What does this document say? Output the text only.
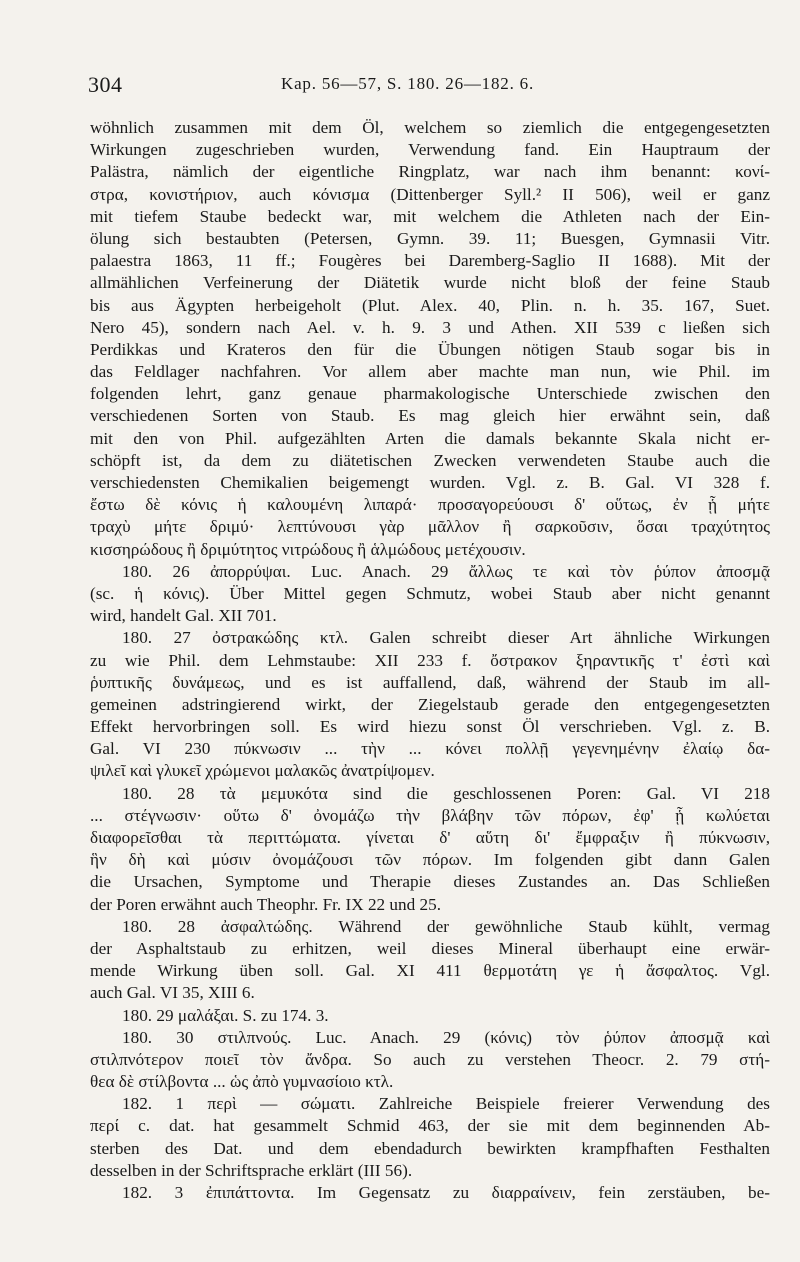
304	Kap. 56—57, S. 180. 26—182. 6.
wöhnlich zusammen mit dem Öl, welchem so ziemlich die entgegengesetzten
Wirkungen zugeschrieben wurden, Verwendung fand. Ein Hauptraum der
Palästra, nämlich der eigentliche Ringplatz, war nach ihm benannt: κονί-
στρα, κονιστήριον, auch κόνισμα (Dittenberger Syll.² II 506), weil er ganz
mit tiefem Staube bedeckt war, mit welchem die Athleten nach der Ein-
ölung sich bestaubten (Petersen, Gymn. 39. 11; Buesgen, Gymnasii Vitr.
palaestra 1863, 11 ff.; Fougères bei Daremberg-Saglio II 1688). Mit der
allmählichen Verfeinerung der Diätetik wurde nicht bloß der feine Staub
bis aus Ägypten herbeigeholt (Plut. Alex. 40, Plin. n. h. 35. 167, Suet.
Nero 45), sondern nach Ael. v. h. 9. 3 und Athen. XII 539 c ließen sich
Perdikkas und Krateros den für die Übungen nötigen Staub sogar bis in
das Feldlager nachfahren. Vor allem aber machte man nun, wie Phil. im
folgenden lehrt, ganz genaue pharmakologische Unterschiede zwischen den
verschiedenen Sorten von Staub. Es mag gleich hier erwähnt sein, daß
mit den von Phil. aufgezählten Arten die damals bekannte Skala nicht er-
schöpft ist, da dem zu diätetischen Zwecken verwendeten Staube auch die
verschiedensten Chemikalien beigemengt wurden. Vgl. z. B. Gal. VI 328 f.
ἔστω δὲ κόνις ἡ καλουμένη λιπαρά· προσαγορεύουσι δ' οὕτως, ἐν ᾗ μήτε
τραχὺ μήτε δριμύ· λεπτύνουσι γὰρ μᾶλλον ἢ σαρκοῦσιν, ὅσαι τραχύτητος
κισσηρώδους ἢ δριμύτητος νιτρώδους ἢ ἁλμώδους μετέχουσιν.
180. 26 ἀπορρύψαι. Luc. Anach. 29 ἄλλως τε καὶ τὸν ῥύπον ἀποσμᾷ
(sc. ἡ κόνις). Über Mittel gegen Schmutz, wobei Staub aber nicht genannt
wird, handelt Gal. XII 701.
180. 27 ὀστρακώδης κτλ. Galen schreibt dieser Art ähnliche Wirkungen
zu wie Phil. dem Lehmstaube: XII 233 f. ὄστρακον ξηραντικῆς τ' ἐστὶ καὶ
ῥυπτικῆς δυνάμεως, und es ist auffallend, daß, während der Staub im all-
gemeinen adstringierend wirkt, der Ziegelstaub gerade den entgegengesetzten
Effekt hervorbringen soll. Es wird hiezu sonst Öl verschrieben. Vgl. z. B.
Gal. VI 230 πύκνωσιν ... τὴν ... κόνει πολλῇ γεγενημένην ἐλαίῳ δα-
ψιλεῖ καὶ γλυκεῖ χρώμενοι μαλακῶς ἀνατρίψομεν.
180. 28 τὰ μεμυκότα sind die geschlossenen Poren: Gal. VI 218
... στέγνωσιν· οὕτω δ' ὀνομάζω τὴν βλάβην τῶν πόρων, ἐφ' ᾗ κωλύεται
διαφορεῖσθαι τὰ περιττώματα. γίνεται δ' αὕτη δι' ἔμφραξιν ἢ πύκνωσιν,
ἣν δὴ καὶ μύσιν ὀνομάζουσι τῶν πόρων. Im folgenden gibt dann Galen
die Ursachen, Symptome und Therapie dieses Zustandes an. Das Schließen
der Poren erwähnt auch Theophr. Fr. IX 22 und 25.
180. 28 ἀσφαλτώδης. Während der gewöhnliche Staub kühlt, vermag
der Asphaltstaub zu erhitzen, weil dieses Mineral überhaupt eine erwär-
mende Wirkung üben soll. Gal. XI 411 θερμοτάτη γε ἡ ἄσφαλτος. Vgl.
auch Gal. VI 35, XIII 6.
180. 29 μαλάξαι. S. zu 174. 3.
180. 30 στιλπνούς. Luc. Anach. 29 (κόνις) τὸν ῥύπον ἀποσμᾷ καὶ
στιλπνότερον ποιεῖ τὸν ἄνδρα. So auch zu verstehen Theocr. 2. 79 στή-
θεα δὲ στίλβοντα ... ὡς ἀπὸ γυμνασίοιο κτλ.
182. 1 περὶ — σώματι. Zahlreiche Beispiele freierer Verwendung des
περί c. dat. hat gesammelt Schmid 463, der sie mit dem beginnenden Ab-
sterben des Dat. und dem ebendadurch bewirkten krampfhaften Festhalten
desselben in der Schriftsprache erklärt (III 56).
182. 3 ἐπιπάττοντα. Im Gegensatz zu διαρραίνειν, fein zerstäuben, be-
